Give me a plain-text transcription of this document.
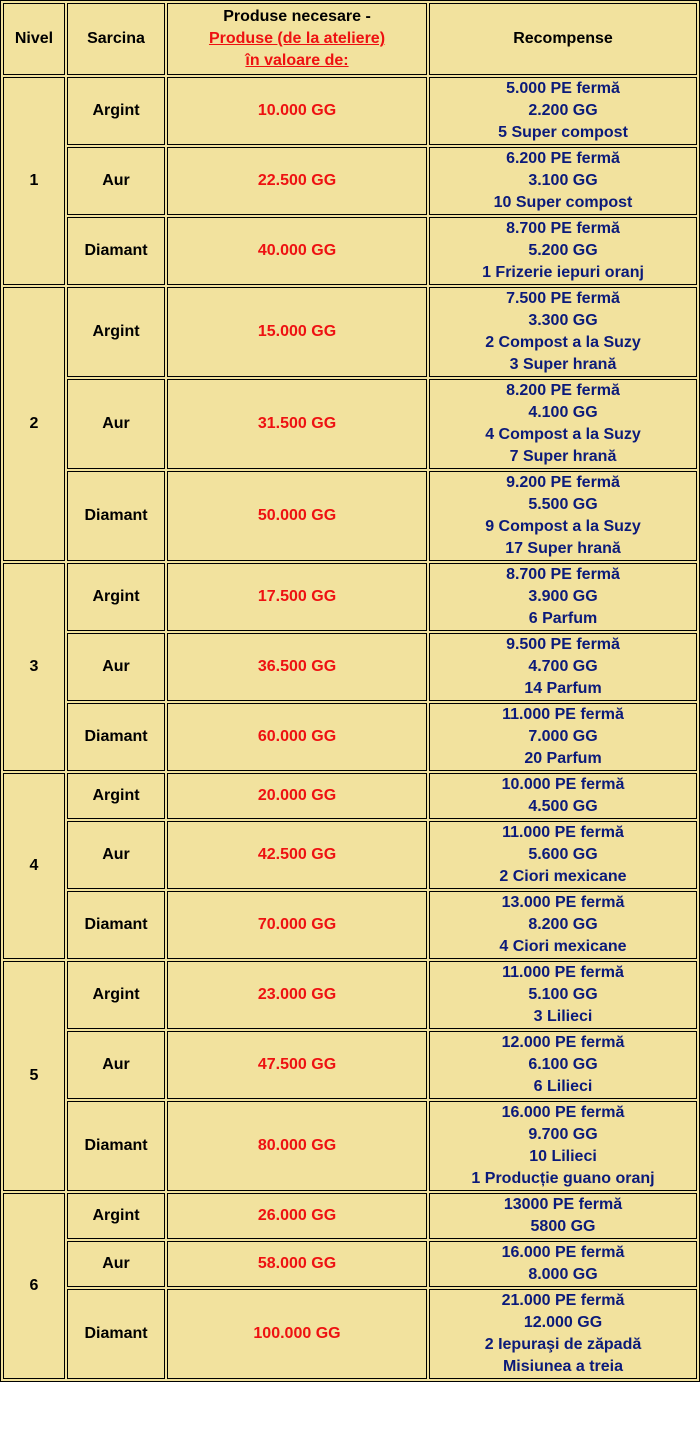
Nivel	Sarcina	Produse necesare -
Produse (de la ateliere)
în valoare de:	Recompense
1	Argint	10.000 GG	5.000 PE fermă
2.200 GG
5 Super compost

	Aur	22.500 GG	6.200 PE fermă
3.100 GG
10 Super compost

	Diamant	40.000 GG	8.700 PE fermă
5.200 GG
1 Frizerie iepuri oranj

2	Argint	15.000 GG	7.500 PE fermă
3.300 GG
2 Compost a la Suzy
3 Super hrană

	Aur	31.500 GG	8.200 PE fermă
4.100 GG
4 Compost a la Suzy
7 Super hrană

	Diamant	50.000 GG	9.200 PE fermă
5.500 GG
9 Compost a la Suzy
17 Super hrană

3	Argint	17.500 GG	8.700 PE fermă
3.900 GG
6 Parfum

	Aur	36.500 GG	9.500 PE fermă
4.700 GG
14 Parfum

	Diamant	60.000 GG	11.000 PE fermă
7.000 GG
20 Parfum

4	Argint	20.000 GG	10.000 PE fermă
4.500 GG

	Aur	42.500 GG	11.000 PE fermă
5.600 GG
2 Ciori mexicane

	Diamant	70.000 GG	13.000 PE fermă
8.200 GG
4 Ciori mexicane

5	Argint	23.000 GG	11.000 PE fermă
5.100 GG
3 Lilieci

	Aur	47.500 GG	12.000 PE fermă
6.100 GG
6 Lilieci

	Diamant	80.000 GG	16.000 PE fermă
9.700 GG
10 Lilieci
1 Producție guano oranj

6	Argint	26.000 GG	13000 PE fermă
5800 GG

	Aur	58.000 GG	16.000 PE fermă
8.000 GG

	Diamant	100.000 GG	21.000 PE fermă
12.000 GG
2 Iepuraşi de zăpadă
Misiunea a treia
